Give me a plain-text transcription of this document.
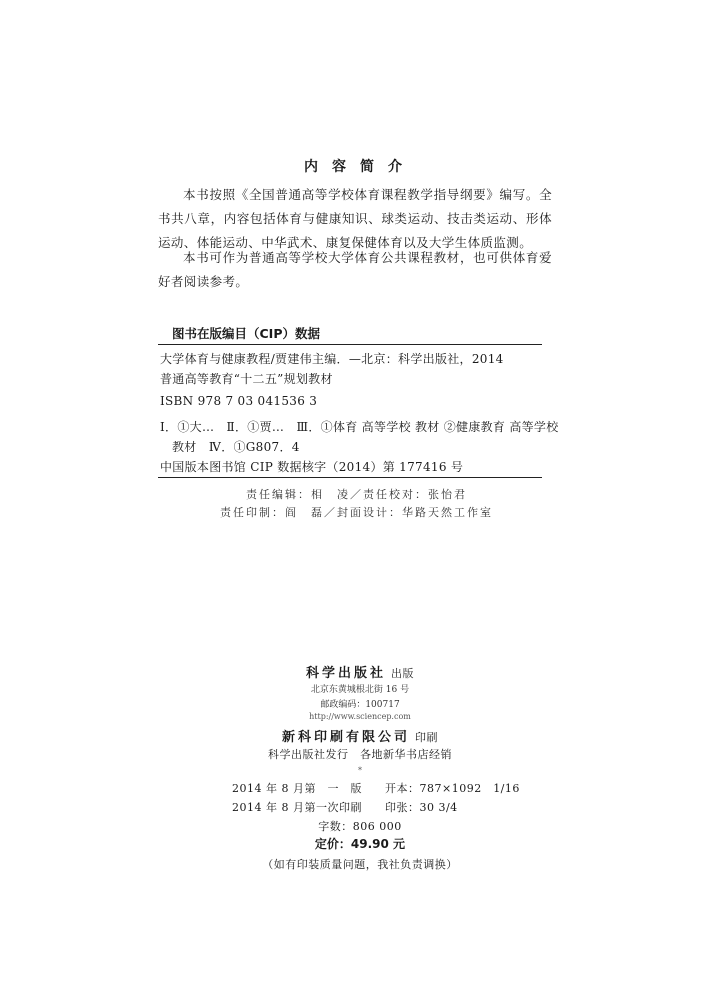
内容简介
本书按照《全国普通高等学校体育课程教学指导纲要》编写。全书共八章，内容包括体育与健康知识、球类运动、技击类运动、形体运动、体能运动、中华武术、康复保健体育以及大学生体质监测。
本书可作为普通高等学校大学体育公共课程教材，也可供体育爱好者阅读参考。
图书在版编目（CIP）数据
大学体育与健康教程/贾建伟主编．—北京：科学出版社，2014
普通高等教育“十二五”规划教材
ISBN 978 7 03 041536 3
Ⅰ．①大…　Ⅱ．①贾…　Ⅲ．①体育 高等学校 教材 ②健康教育 高等学校
教材　Ⅳ．①G807．4
中国版本图书馆 CIP 数据核字（2014）第 177416 号
责任编辑：相　凌／责任校对：张怡君
责任印制：阎　磊／封面设计：华路天然工作室
科学出版社 出版
北京东黄城根北街 16 号
邮政编码：100717
http://www.sciencep.com
新科印刷有限公司 印刷
科学出版社发行　各地新华书店经销
*
2014 年 8 月第　一　版　　开本：787×1092　1/16
2014 年 8 月第一次印刷　　印张：30 3/4
字数：806 000
定价：49.90 元
（如有印装质量问题，我社负责调换）
